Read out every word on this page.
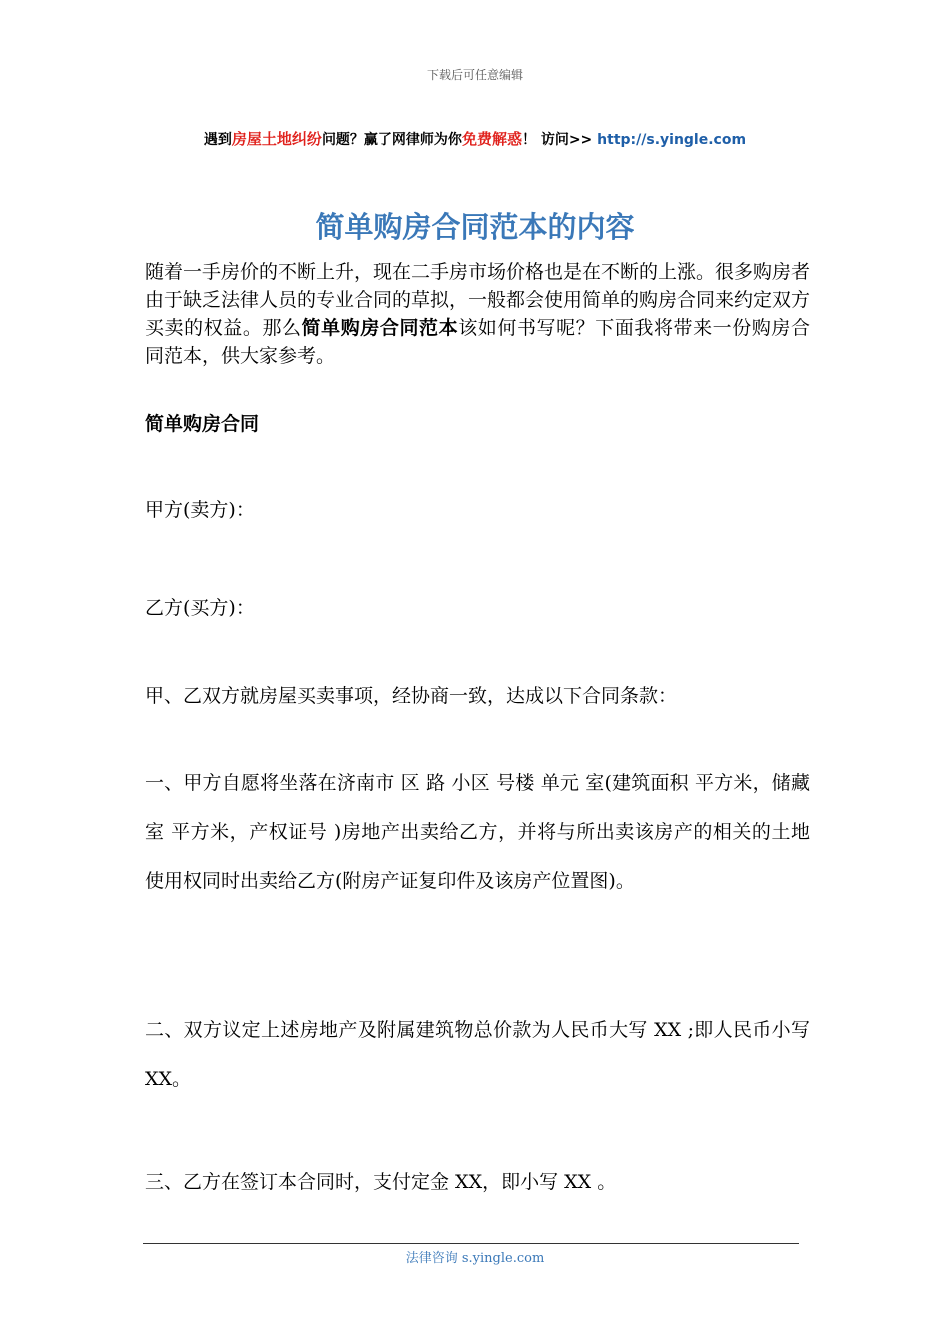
下载后可任意编辑
遇到房屋土地纠纷问题？赢了网律师为你免费解惑！ 访问>> http://s.yingle.com
简单购房合同范本的内容
随着一手房价的不断上升，现在二手房市场价格也是在不断的上涨。很多购房者由于缺乏法律人员的专业合同的草拟，一般都会使用简单的购房合同来约定双方买卖的权益。那么简单购房合同范本该如何书写呢？下面我将带来一份购房合同范本，供大家参考。
简单购房合同
甲方(卖方)：
乙方(买方)：
甲、乙双方就房屋买卖事项，经协商一致，达成以下合同条款：
一、甲方自愿将坐落在济南市 区 路 小区 号楼 单元 室(建筑面积 平方米，储藏室 平方米，产权证号 )房地产出卖给乙方，并将与所出卖该房产的相关的土地使用权同时出卖给乙方(附房产证复印件及该房产位置图)。
二、双方议定上述房地产及附属建筑物总价款为人民币大写 XX ;即人民币小写 XX。
三、乙方在签订本合同时，支付定金 XX，即小写 XX 。
法律咨询 s.yingle.com
